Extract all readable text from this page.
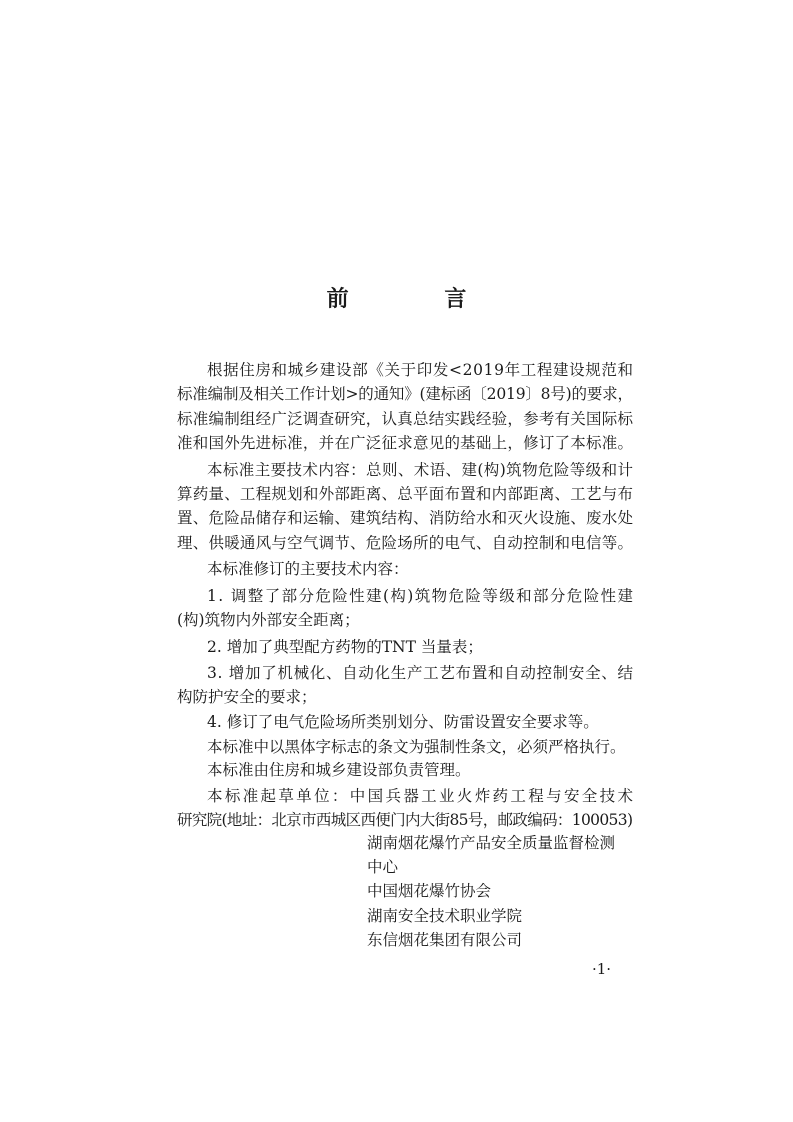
前 言
根据住房和城乡建设部《关于印发<2019年工程建设规范和
标准编制及相关工作计划>的通知》(建标函〔2019〕8号)的要求，
标准编制组经广泛调查研究，认真总结实践经验，参考有关国际标
准和国外先进标准，并在广泛征求意见的基础上，修订了本标准。
本标准主要技术内容：总则、术语、建(构)筑物危险等级和计
算药量、工程规划和外部距离、总平面布置和内部距离、工艺与布
置、危险品储存和运输、建筑结构、消防给水和灭火设施、废水处
理、供暖通风与空气调节、危险场所的电气、自动控制和电信等。
本标准修订的主要技术内容：
1. 调整了部分危险性建(构)筑物危险等级和部分危险性建
(构)筑物内外部安全距离；
2. 增加了典型配方药物的TNT 当量表；
3. 增加了机械化、自动化生产工艺布置和自动控制安全、结
构防护安全的要求；
4. 修订了电气危险场所类别划分、防雷设置安全要求等。
本标准中以黑体字标志的条文为强制性条文，必须严格执行。
本标准由住房和城乡建设部负责管理。
本标准起草单位：中国兵器工业火炸药工程与安全技术
研究院(地址：北京市西城区西便门内大街85号，邮政编码：100053)
湖南烟花爆竹产品安全质量监督检测
中心
中国烟花爆竹协会
湖南安全技术职业学院
东信烟花集团有限公司
·1·
